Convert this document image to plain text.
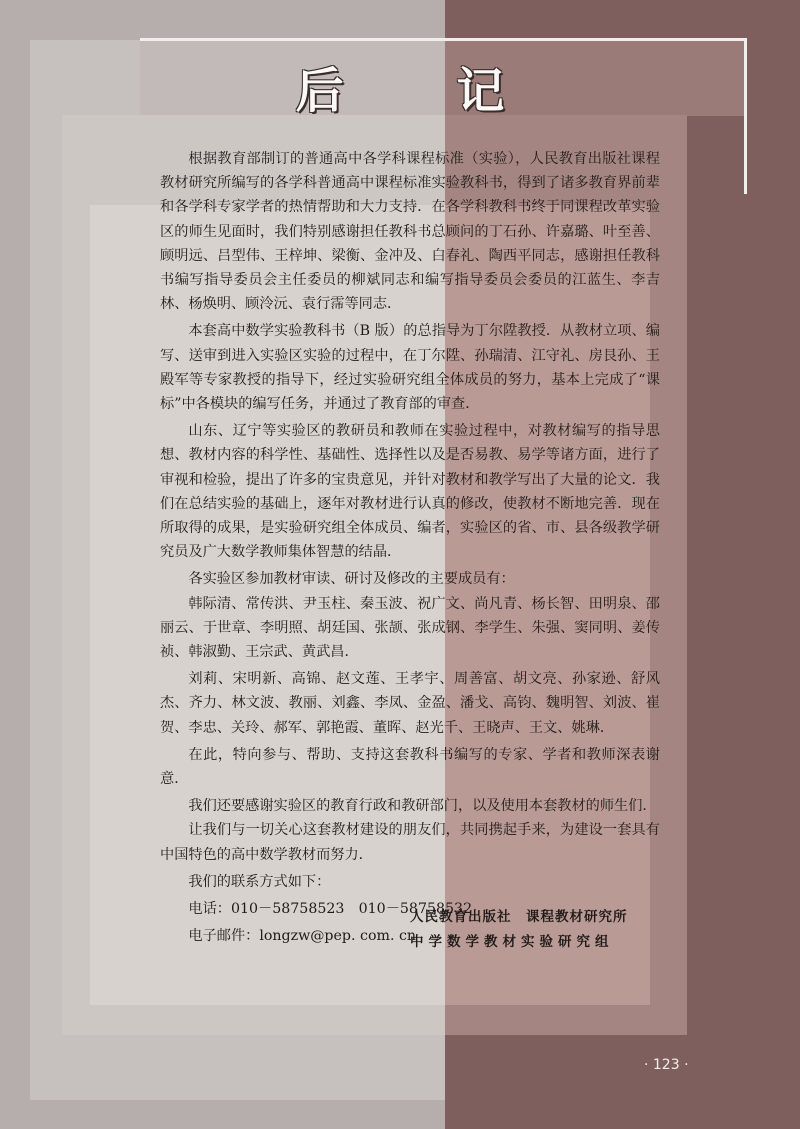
后 记

根据教育部制订的普通高中各学科课程标准（实验），人民教育出版社课程教材研究所编写的各学科普通高中课程标准实验教科书，得到了诸多教育界前辈和各学科专家学者的热情帮助和大力支持．在各学科教科书终于同课程改革实验区的师生见面时，我们特别感谢担任教科书总顾问的丁石孙、许嘉璐、叶至善、顾明远、吕型伟、王梓坤、梁衡、金冲及、白春礼、陶西平同志，感谢担任教科书编写指导委员会主任委员的柳斌同志和编写指导委员会委员的江蓝生、李吉林、杨焕明、顾泠沅、袁行霈等同志．

本套高中数学实验教科书（B 版）的总指导为丁尔陞教授．从教材立项、编写、送审到进入实验区实验的过程中，在丁尔陞、孙瑞清、江守礼、房艮孙、王殿军等专家教授的指导下，经过实验研究组全体成员的努力，基本上完成了“课标”中各模块的编写任务，并通过了教育部的审查．

山东、辽宁等实验区的教研员和教师在实验过程中，对教材编写的指导思想、教材内容的科学性、基础性、选择性以及是否易教、易学等诸方面，进行了审视和检验，提出了许多的宝贵意见，并针对教材和教学写出了大量的论文．我们在总结实验的基础上，逐年对教材进行认真的修改，使教材不断地完善．现在所取得的成果，是实验研究组全体成员、编者，实验区的省、市、县各级教学研究员及广大数学教师集体智慧的结晶．

各实验区参加教材审读、研讨及修改的主要成员有：

韩际清、常传洪、尹玉柱、秦玉波、祝广文、尚凡青、杨长智、田明泉、邵丽云、于世章、李明照、胡廷国、张颉、张成钢、李学生、朱强、窦同明、姜传祯、韩淑勤、王宗武、黄武昌．

刘莉、宋明新、高锦、赵文莲、王孝宇、周善富、胡文亮、孙家逊、舒风杰、齐力、林文波、教丽、刘鑫、李凤、金盈、潘戈、高钧、魏明智、刘波、崔贺、李忠、关玲、郝军、郭艳霞、董晖、赵光千、王晓声、王文、姚琳．

在此，特向参与、帮助、支持这套教科书编写的专家、学者和教师深表谢意．

我们还要感谢实验区的教育行政和教研部门，以及使用本套教材的师生们．

让我们与一切关心这套教材建设的朋友们，共同携起手来，为建设一套具有中国特色的高中数学教材而努力．

我们的联系方式如下：

电话：010－58758523　010－58758532

电子邮件：longzw@pep. com. cn

人民教育出版社　课程教材研究所
中学数学教材实验研究组
· 123 ·
